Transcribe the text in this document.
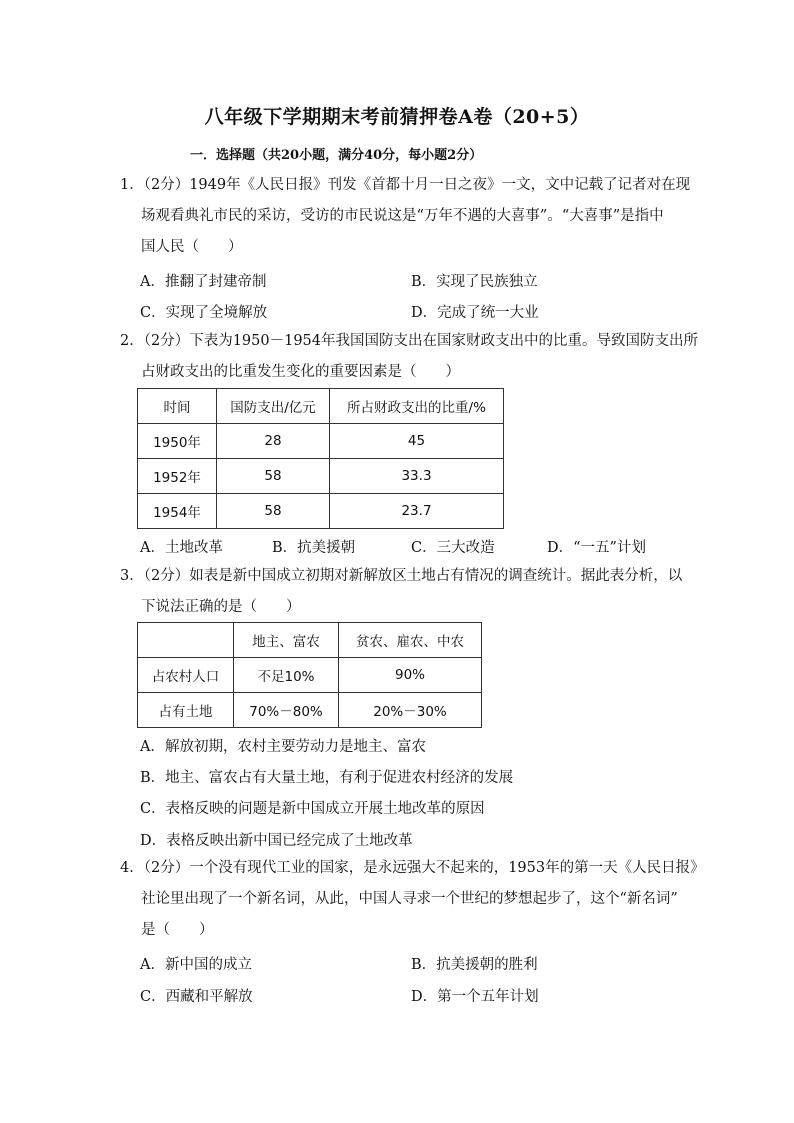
八年级下学期期末考前猜押卷A卷（20+5）
一．选择题（共20小题，满分40分，每小题2分）
1．（2分）1949年《人民日报》刊发《首都十月一日之夜》一文，文中记载了记者对在现
场观看典礼市民的采访，受访的市民说这是“万年不遇的大喜事”。“大喜事”是指中
国人民（　　）
A．推翻了封建帝制	B．实现了民族独立
C．实现了全境解放	D．完成了统一大业
2．（2分）下表为1950－1954年我国国防支出在国家财政支出中的比重。导致国防支出所
占财政支出的比重发生变化的重要因素是（　　）
时间	国防支出/亿元	所占财政支出的比重/%
1950年	28	45
1952年	58	33.3
1954年	58	23.7
A．土地改革	B．抗美援朝	C．三大改造	D．“一五”计划
3．（2分）如表是新中国成立初期对新解放区土地占有情况的调查统计。据此表分析，以
下说法正确的是（　　）
	地主、富农	贫农、雇农、中农
占农村人口	不足10%	90%
占有土地	70%－80%	20%－30%
A．解放初期，农村主要劳动力是地主、富农
B．地主、富农占有大量土地，有利于促进农村经济的发展
C．表格反映的问题是新中国成立开展土地改革的原因
D．表格反映出新中国已经完成了土地改革
4．（2分）一个没有现代工业的国家，是永远强大不起来的，1953年的第一天《人民日报》
社论里出现了一个新名词，从此，中国人寻求一个世纪的梦想起步了，这个“新名词”
是（　　）
A．新中国的成立	B．抗美援朝的胜利
C．西藏和平解放	D．第一个五年计划
